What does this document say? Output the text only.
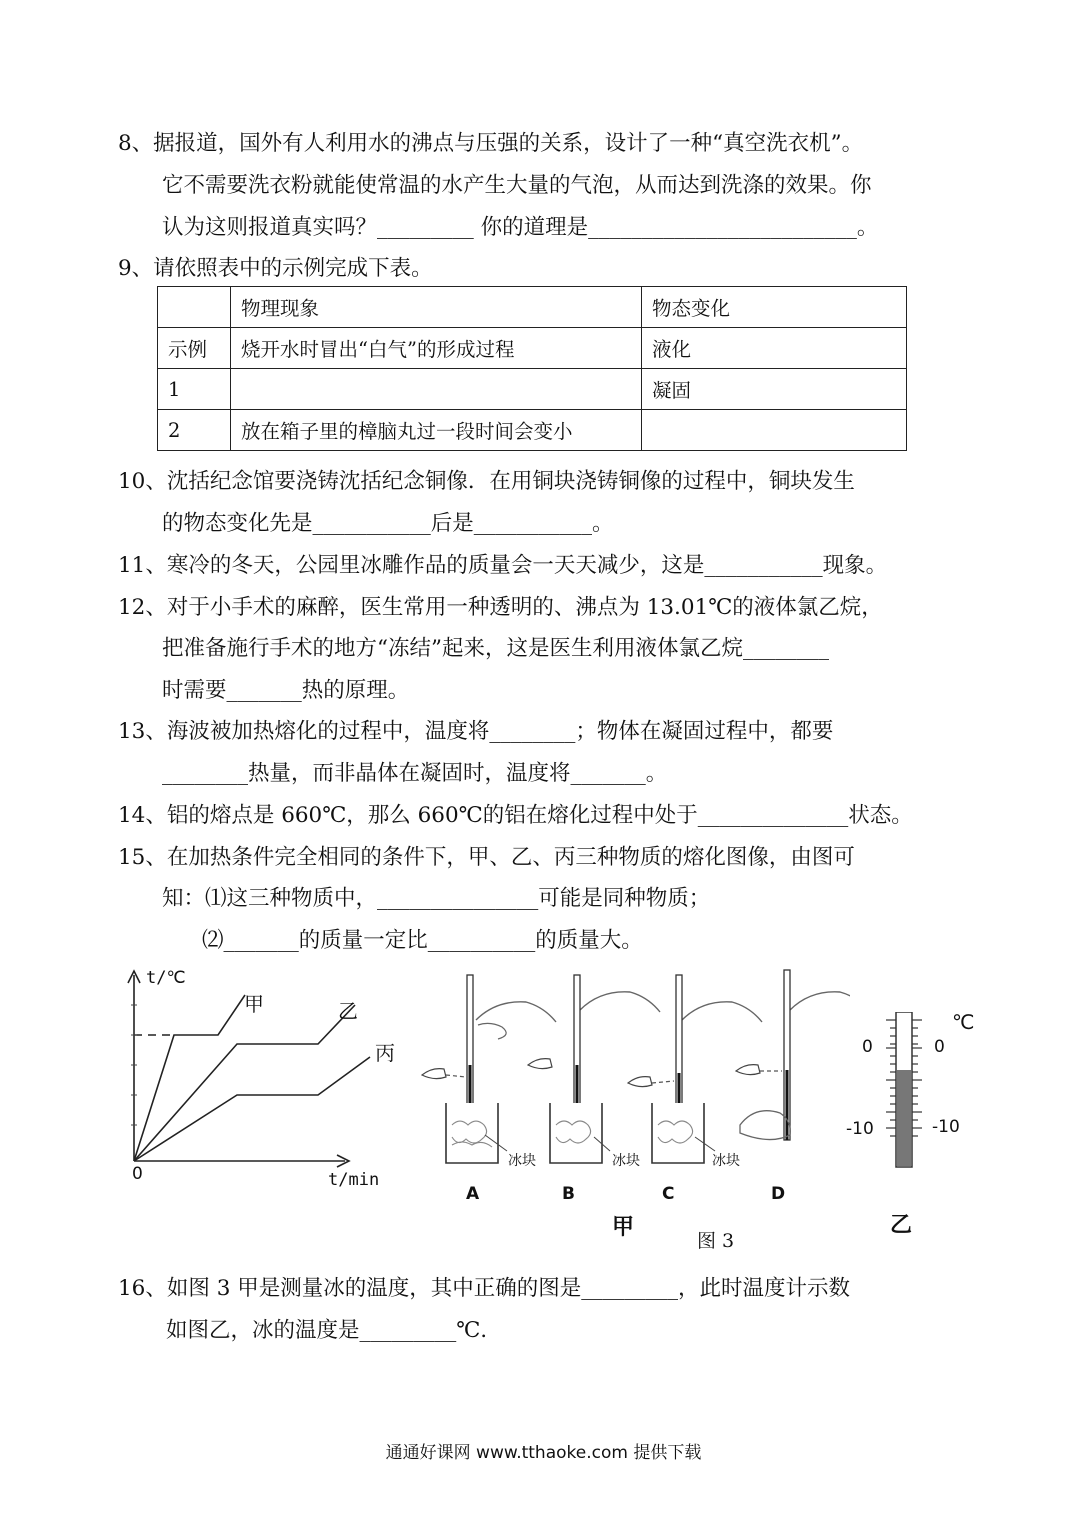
8、据报道，国外有人利用水的沸点与压强的关系，设计了一种“真空洗衣机”。
它不需要洗衣粉就能使常温的水产生大量的气泡，从而达到洗涤的效果。你
认为这则报道真实吗？_________ 你的道理是_________________________。
9、请依照表中的示例完成下表。
	物理现象	物态变化
示例	烧开水时冒出“白气”的形成过程	液化
1		凝固
2	放在箱子里的樟脑丸过一段时间会变小	
10、沈括纪念馆要浇铸沈括纪念铜像．在用铜块浇铸铜像的过程中，铜块发生
的物态变化先是___________后是___________。
11、寒冷的冬天，公园里冰雕作品的质量会一天天减少，这是___________现象。
12、对于小手术的麻醉，医生常用一种透明的、沸点为 13.01℃的液体氯乙烷，
把准备施行手术的地方“冻结”起来，这是医生利用液体氯乙烷________
时需要_______热的原理。
13、海波被加热熔化的过程中，温度将________；物体在凝固过程中，都要
________热量，而非晶体在凝固时，温度将_______。
14、铝的熔点是 660℃，那么 660℃的铝在熔化过程中处于______________状态。
15、在加热条件完全相同的条件下，甲、乙、丙三种物质的熔化图像，由图可
知：⑴这三种物质中，_______________可能是同种物质；
⑵_______的质量一定比__________的质量大。
t/℃
t/min
0
甲	乙
丙
冰块	冰块	冰块
A	B	C	D
甲
图 3
℃
0	0
-10	-10
乙
16、如图 3 甲是测量冰的温度，其中正确的图是_________，此时温度计示数
如图乙，冰的温度是_________℃.
通通好课网 www.tthaoke.com 提供下载
